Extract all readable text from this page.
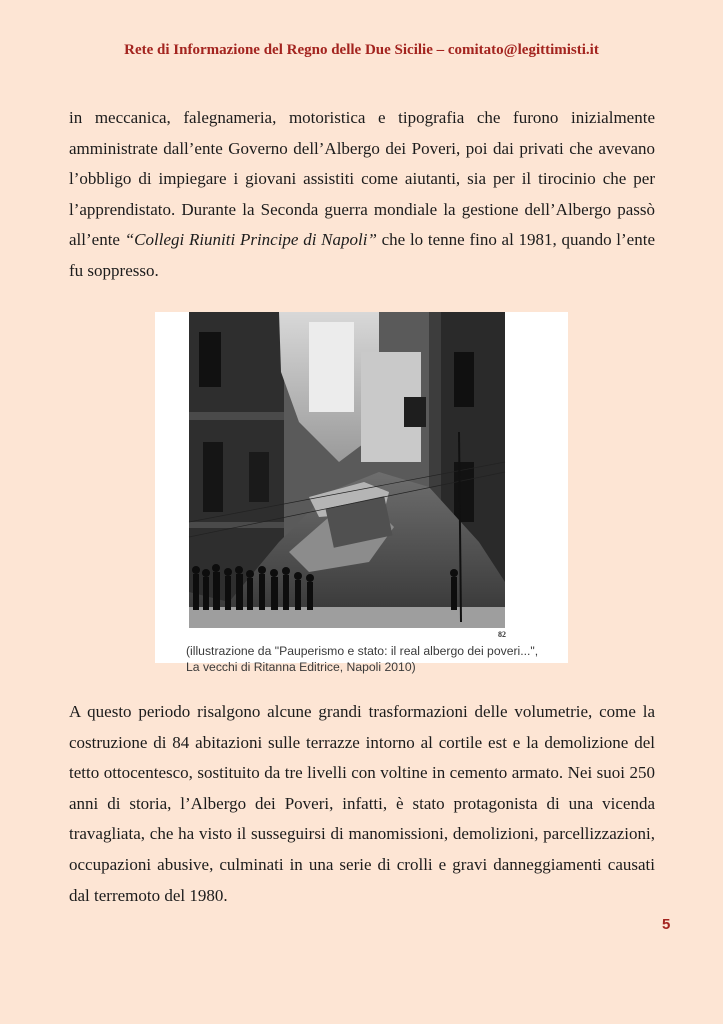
Rete di Informazione del Regno delle Due Sicilie – comitato@legittimisti.it

in meccanica, falegnameria, motoristica e tipografia che furono inizialmente amministrate dall’ente Governo dell’Albergo dei Poveri, poi dai privati che avevano l’obbligo di impiegare i giovani assistiti come aiutanti, sia per il tirocinio che per l’apprendistato. Durante la Seconda guerra mondiale la gestione dell’Albergo passò all’ente “Collegi Riuniti Principe di Napoli” che lo tenne fino al 1981, quando l’ente fu soppresso.

82
(illustrazione da "Pauperismo e stato: il real albergo dei poveri...",
La vecchi di Ritanna Editrice, Napoli 2010)

A questo periodo risalgono alcune grandi trasformazioni delle volumetrie, come la costruzione di 84 abitazioni sulle terrazze intorno al cortile est e la demolizione del tetto ottocentesco, sostituito da tre livelli con voltine in cemento armato. Nei suoi 250 anni di storia, l’Albergo dei Poveri, infatti, è stato protagonista di una vicenda travagliata, che ha visto il susseguirsi di manomissioni, demolizioni, parcellizzazioni, occupazioni abusive, culminati in una serie di crolli e gravi danneggiamenti causati dal terremoto del 1980.

5
